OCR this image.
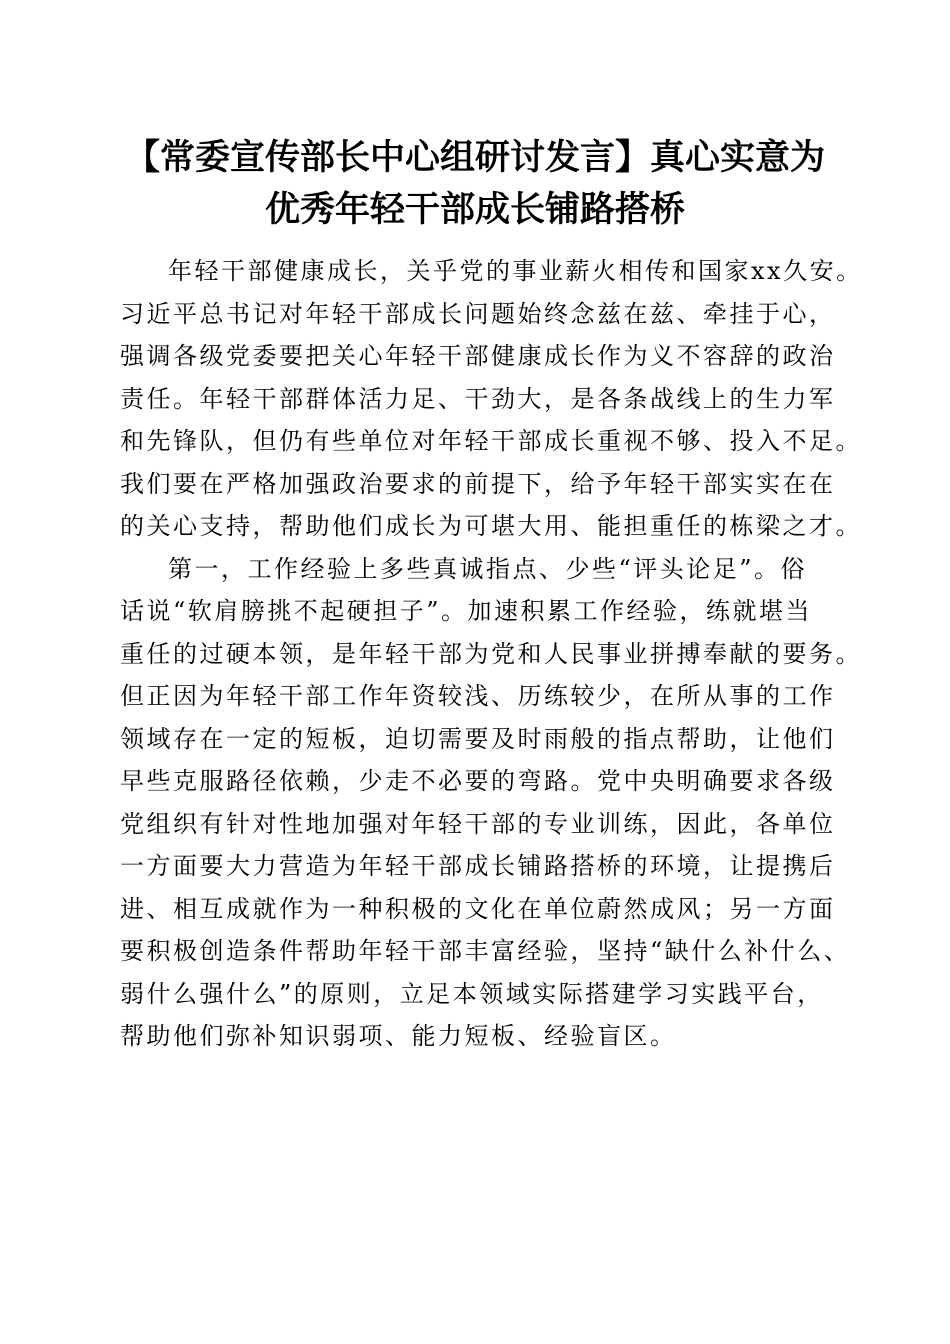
【常委宣传部长中心组研讨发言】真心实意为
优秀年轻干部成长铺路搭桥
年轻干部健康成长，关乎党的事业薪火相传和国家xx久安。
习近平总书记对年轻干部成长问题始终念兹在兹、牵挂于心，
强调各级党委要把关心年轻干部健康成长作为义不容辞的政治
责任。年轻干部群体活力足、干劲大，是各条战线上的生力军
和先锋队，但仍有些单位对年轻干部成长重视不够、投入不足。
我们要在严格加强政治要求的前提下，给予年轻干部实实在在
的关心支持，帮助他们成长为可堪大用、能担重任的栋梁之才。
第一，工作经验上多些真诚指点、少些“评头论足”。俗
话说“软肩膀挑不起硬担子”。加速积累工作经验，练就堪当
重任的过硬本领，是年轻干部为党和人民事业拼搏奉献的要务。
但正因为年轻干部工作年资较浅、历练较少，在所从事的工作
领域存在一定的短板，迫切需要及时雨般的指点帮助，让他们
早些克服路径依赖，少走不必要的弯路。党中央明确要求各级
党组织有针对性地加强对年轻干部的专业训练，因此，各单位
一方面要大力营造为年轻干部成长铺路搭桥的环境，让提携后
进、相互成就作为一种积极的文化在单位蔚然成风；另一方面
要积极创造条件帮助年轻干部丰富经验，坚持“缺什么补什么、
弱什么强什么”的原则，立足本领域实际搭建学习实践平台，
帮助他们弥补知识弱项、能力短板、经验盲区。
